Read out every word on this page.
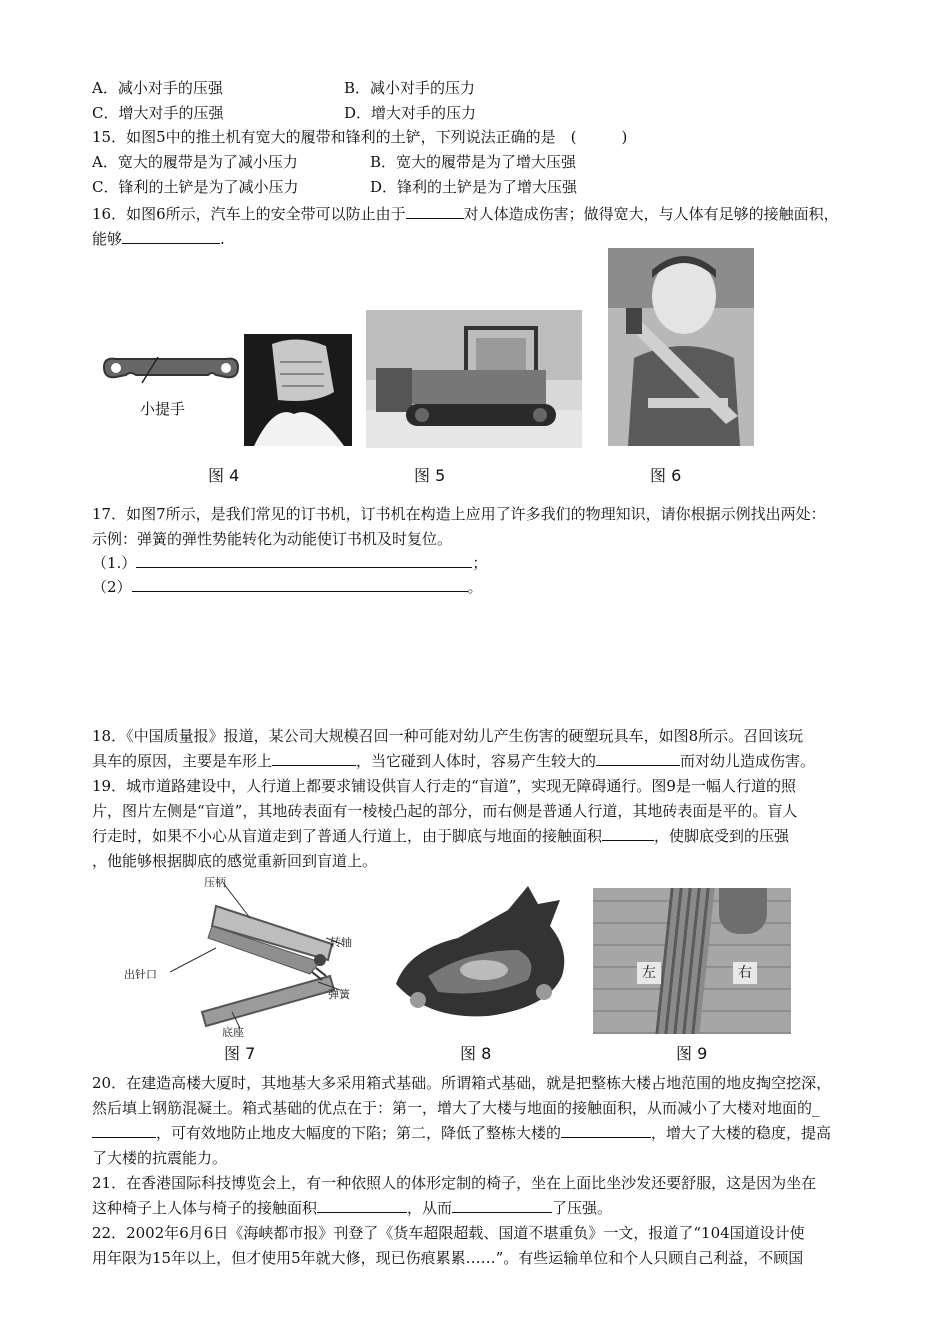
A．减小对手的压强	B．减小对手的压力
C．增大对手的压强	D．增大对手的压力
15．如图5中的推土机有宽大的履带和锋利的土铲，下列说法正确的是　(　　　)
A．宽大的履带是为了减小压力	B．宽大的履带是为了增大压强
C．锋利的土铲是为了减小压力	D．锋利的土铲是为了增大压强
16．如图6所示，汽车上的安全带可以防止由于	对人体造成伤害；做得宽大，与人体有足够的接触面积，
能够	.
小提手
图 4	图 5	图 6
17．如图7所示，是我们常见的订书机，订书机在构造上应用了许多我们的物理知识，请你根据示例找出两处：
示例：弹簧的弹性势能转化为动能使订书机及时复位。
（1.）	；
（2）	。
18．《中国质量报》报道，某公司大规模召回一种可能对幼儿产生伤害的硬塑玩具车，如图8所示。召回该玩
具车的原因，主要是车形上	，当它碰到人体时，容易产生较大的	而对幼儿造成伤害。
19．城市道路建设中，人行道上都要求铺设供盲人行走的“盲道”，实现无障碍通行。图9是一幅人行道的照
片，图片左侧是“盲道”，其地砖表面有一棱棱凸起的部分，而右侧是普通人行道，其地砖表面是平的。盲人
行走时，如果不小心从盲道走到了普通人行道上，由于脚底与地面的接触面积	，使脚底受到的压强
，他能够根据脚底的感觉重新回到盲道上。
压柄
转轴
出针口
弹簧
底座
左	右
图 7	图 8	图 9
20．在建造高楼大厦时，其地基大多采用箱式基础。所谓箱式基础，就是把整栋大楼占地范围的地皮掏空挖深，
然后填上钢筋混凝土。箱式基础的优点在于：第一，增大了大楼与地面的接触面积，从而减小了大楼对地面的_
，可有效地防止地皮大幅度的下陷；第二，降低了整栋大楼的	，增大了大楼的稳度，提高
了大楼的抗震能力。
21．在香港国际科技博览会上，有一种依照人的体形定制的椅子，坐在上面比坐沙发还要舒服，这是因为坐在
这种椅子上人体与椅子的接触面积	，从而	了压强。
22．2002年6月6日《海峡都市报》刊登了《货车超限超载、国道不堪重负》一文，报道了“104国道设计使
用年限为15年以上，但才使用5年就大修，现已伤痕累累……”。有些运输单位和个人只顾自己利益，不顾国
